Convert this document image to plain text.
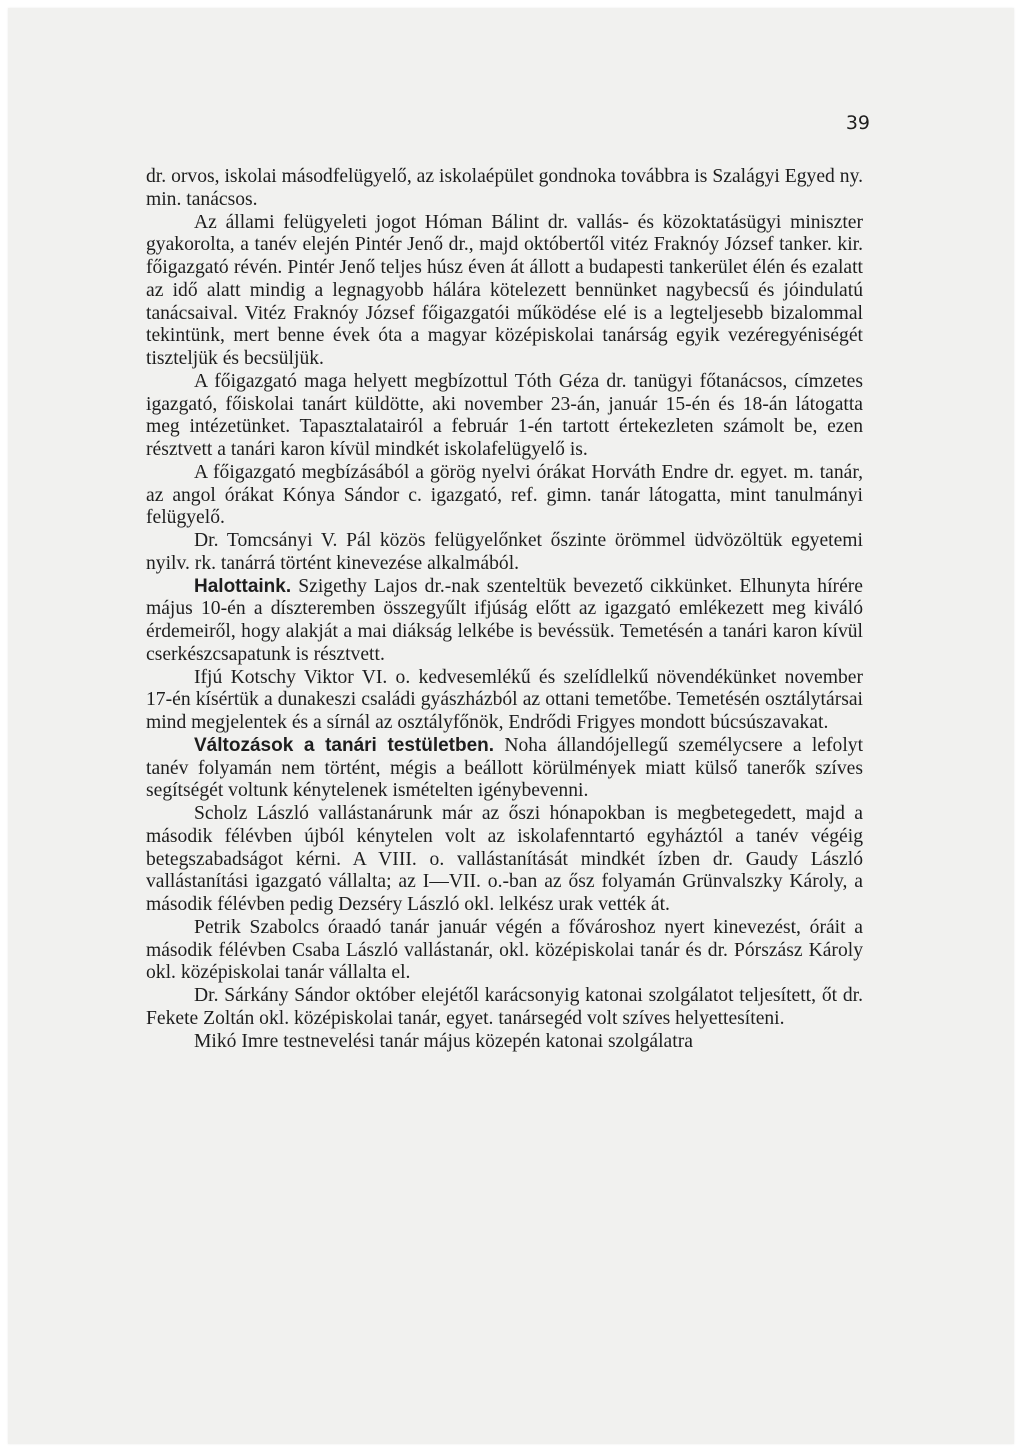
39

dr. orvos, iskolai másodfelügyelő, az iskolaépület gondnoka továbbra is Szalágyi Egyed ny. min. tanácsos.

Az állami felügyeleti jogot Hóman Bálint dr. vallás- és közoktatásügyi miniszter gyakorolta, a tanév elején Pintér Jenő dr., majd októbertől vitéz Fraknóy József tanker. kir. főigazgató révén. Pintér Jenő teljes húsz éven át állott a budapesti tankerület élén és ezalatt az idő alatt mindig a legnagyobb hálára kötelezett bennünket nagybecsű és jóindulatú tanácsaival. Vitéz Fraknóy József főigazgatói működése elé is a legteljesebb bizalommal tekintünk, mert benne évek óta a magyar középiskolai tanárság egyik vezéregyéniségét tiszteljük és becsüljük.

A főigazgató maga helyett megbízottul Tóth Géza dr. tanügyi főtanácsos, címzetes igazgató, főiskolai tanárt küldötte, aki november 23-án, január 15-én és 18-án látogatta meg intézetünket. Tapasztalatairól a február 1-én tartott értekezleten számolt be, ezen résztvett a tanári karon kívül mindkét iskolafelügyelő is.

A főigazgató megbízásából a görög nyelvi órákat Horváth Endre dr. egyet. m. tanár, az angol órákat Kónya Sándor c. igazgató, ref. gimn. tanár látogatta, mint tanulmányi felügyelő.

Dr. Tomcsányi V. Pál közös felügyelőnket őszinte örömmel üdvözöltük egyetemi nyilv. rk. tanárrá történt kinevezése alkalmából.

Halottaink. Szigethy Lajos dr.-nak szenteltük bevezető cikkünket. Elhunyta hírére május 10-én a díszteremben összegyűlt ifjúság előtt az igazgató emlékezett meg kiváló érdemeiről, hogy alakját a mai diákság lelkébe is bevéssük. Temetésén a tanári karon kívül cserkészcsapatunk is résztvett.

Ifjú Kotschy Viktor VI. o. kedvesemlékű és szelídlelkű növendékünket november 17-én kísértük a dunakeszi családi gyászházból az ottani temetőbe. Temetésén osztálytársai mind megjelentek és a sírnál az osztályfőnök, Endrődi Frigyes mondott búcsúszavakat.

Változások a tanári testületben. Noha állandójellegű személycsere a lefolyt tanév folyamán nem történt, mégis a beállott körülmények miatt külső tanerők szíves segítségét voltunk kénytelenek ismételten igénybevenni.

Scholz László vallástanárunk már az őszi hónapokban is megbetegedett, majd a második félévben újból kénytelen volt az iskolafenntartó egyháztól a tanév végéig betegszabadságot kérni. A VIII. o. vallástanítását mindkét ízben dr. Gaudy László vallástanítási igazgató vállalta; az I—VII. o.-ban az ősz folyamán Grünvalszky Károly, a második félévben pedig Dezséry László okl. lelkész urak vették át.

Petrik Szabolcs óraadó tanár január végén a fővároshoz nyert kinevezést, óráit a második félévben Csaba László vallástanár, okl. középiskolai tanár és dr. Pórszász Károly okl. középiskolai tanár vállalta el.

Dr. Sárkány Sándor október elejétől karácsonyig katonai szolgálatot teljesített, őt dr. Fekete Zoltán okl. középiskolai tanár, egyet. tanársegéd volt szíves helyettesíteni.

Mikó Imre testnevelési tanár május közepén katonai szolgálatra
